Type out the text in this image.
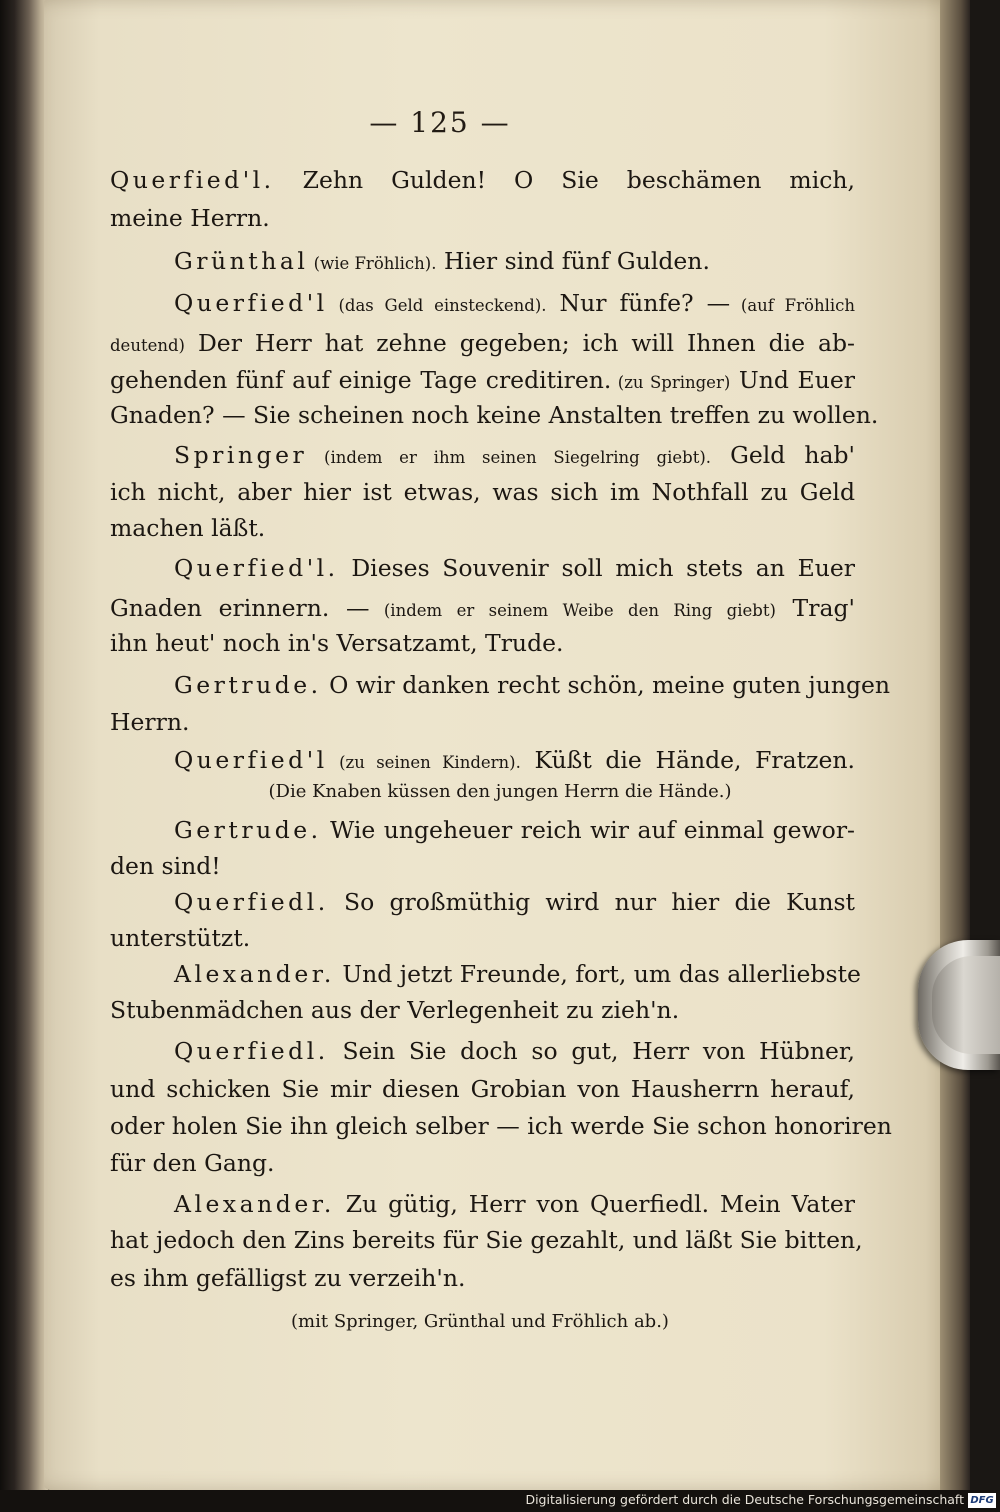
— 125 —
Querfied'l. Zehn Gulden! O Sie beschämen mich,
meine Herrn.
Grünthal (wie Fröhlich). Hier sind fünf Gulden.
Querfied'l (das Geld einsteckend). Nur fünfe? — (auf Fröhlich
deutend) Der Herr hat zehne gegeben; ich will Ihnen die ab-
gehenden fünf auf einige Tage creditiren. (zu Springer) Und Euer
Gnaden? — Sie scheinen noch keine Anstalten treffen zu wollen.
Springer (indem er ihm seinen Siegelring giebt). Geld hab'
ich nicht, aber hier ist etwas, was sich im Nothfall zu Geld
machen läßt.
Querfied'l. Dieses Souvenir soll mich stets an Euer
Gnaden erinnern. — (indem er seinem Weibe den Ring giebt) Trag'
ihn heut' noch in's Versatzamt, Trude.
Gertrude. O wir danken recht schön, meine guten jungen
Herrn.
Querfied'l (zu seinen Kindern). Küßt die Hände, Fratzen.
(Die Knaben küssen den jungen Herrn die Hände.)
Gertrude. Wie ungeheuer reich wir auf einmal gewor-
den sind!
Querfiedl. So großmüthig wird nur hier die Kunst
unterstützt.
Alexander. Und jetzt Freunde, fort, um das allerliebste
Stubenmädchen aus der Verlegenheit zu zieh'n.
Querfiedl. Sein Sie doch so gut, Herr von Hübner,
und schicken Sie mir diesen Grobian von Hausherrn herauf,
oder holen Sie ihn gleich selber — ich werde Sie schon honoriren
für den Gang.
Alexander. Zu gütig, Herr von Querfiedl. Mein Vater
hat jedoch den Zins bereits für Sie gezahlt, und läßt Sie bitten,
es ihm gefälligst zu verzeih'n.
(mit Springer, Grünthal und Fröhlich ab.)
Digitalisierung gefördert durch die Deutsche Forschungsgemeinschaft DFG
